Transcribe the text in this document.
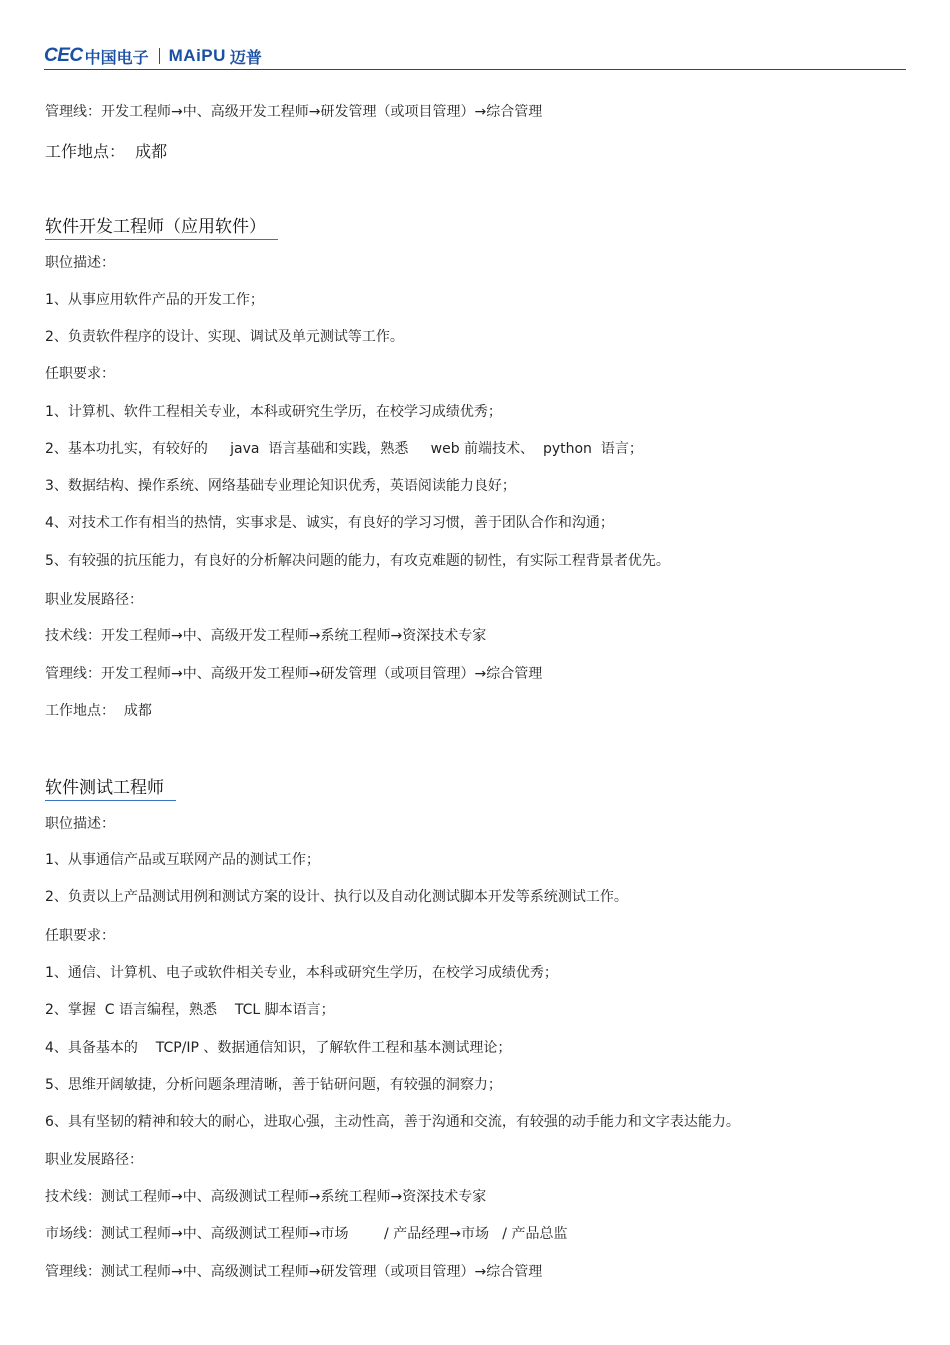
CEC 中国电子 MAiPU 迈普
管理线：开发工程师→中、高级开发工程师→研发管理（或项目管理）→综合管理
工作地点：  成都
软件开发工程师（应用软件）
职位描述：
1、从事应用软件产品的开发工作；
2、负责软件程序的设计、实现、调试及单元测试等工作。
任职要求：
1、计算机、软件工程相关专业，本科或研究生学历，在校学习成绩优秀；
2、基本功扎实，有较好的     java  语言基础和实践，熟悉     web 前端技术、  python  语言；
3、数据结构、操作系统、网络基础专业理论知识优秀，英语阅读能力良好；
4、对技术工作有相当的热情，实事求是、诚实，有良好的学习习惯，善于团队合作和沟通；
5、有较强的抗压能力，有良好的分析解决问题的能力，有攻克难题的韧性，有实际工程背景者优先。
职业发展路径：
技术线：开发工程师→中、高级开发工程师→系统工程师→资深技术专家
管理线：开发工程师→中、高级开发工程师→研发管理（或项目管理）→综合管理
工作地点：  成都
软件测试工程师
职位描述：
1、从事通信产品或互联网产品的测试工作；
2、负责以上产品测试用例和测试方案的设计、执行以及自动化测试脚本开发等系统测试工作。
任职要求：
1、通信、计算机、电子或软件相关专业，本科或研究生学历，在校学习成绩优秀；
2、掌握  C 语言编程，熟悉    TCL 脚本语言；
4、具备基本的    TCP/IP 、数据通信知识，了解软件工程和基本测试理论；
5、思维开阔敏捷，分析问题条理清晰，善于钻研问题，有较强的洞察力；
6、具有坚韧的精神和较大的耐心，进取心强，主动性高，善于沟通和交流，有较强的动手能力和文字表达能力。
职业发展路径：
技术线：测试工程师→中、高级测试工程师→系统工程师→资深技术专家
市场线：测试工程师→中、高级测试工程师→市场        / 产品经理→市场   / 产品总监
管理线：测试工程师→中、高级测试工程师→研发管理（或项目管理）→综合管理
